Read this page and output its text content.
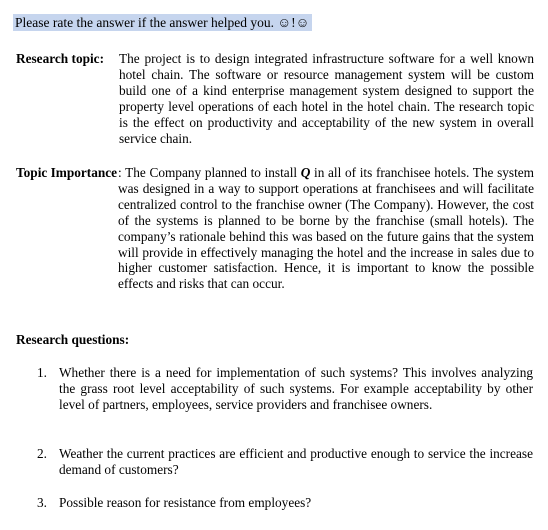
Please rate the answer if the answer helped you. ☺!☺
Research topic:	The project is to design integrated infrastructure software for a well known hotel chain. The software or resource management system will be custom build one of a kind enterprise management system designed to support the property level operations of each hotel in the hotel chain. The research topic is the effect on productivity and acceptability of the new system in overall service chain.
Topic Importance : The Company planned to install Q in all of its franchisee hotels. The system was designed in a way to support operations at franchisees and will facilitate centralized control to the franchise owner (The Company). However, the cost of the systems is planned to be borne by the franchise (small hotels). The company’s rationale behind this was based on the future gains that the system will provide in effectively managing the hotel and the increase in sales due to higher customer satisfaction. Hence, it is important to know the possible effects and risks that can occur.
Research questions:
1. Whether there is a need for implementation of such systems? This involves analyzing the grass root level acceptability of such systems. For example acceptability by other level of partners, employees, service providers and franchisee owners.
2. Weather the current practices are efficient and productive enough to service the increase demand of customers?
3. Possible reason for resistance from employees?
